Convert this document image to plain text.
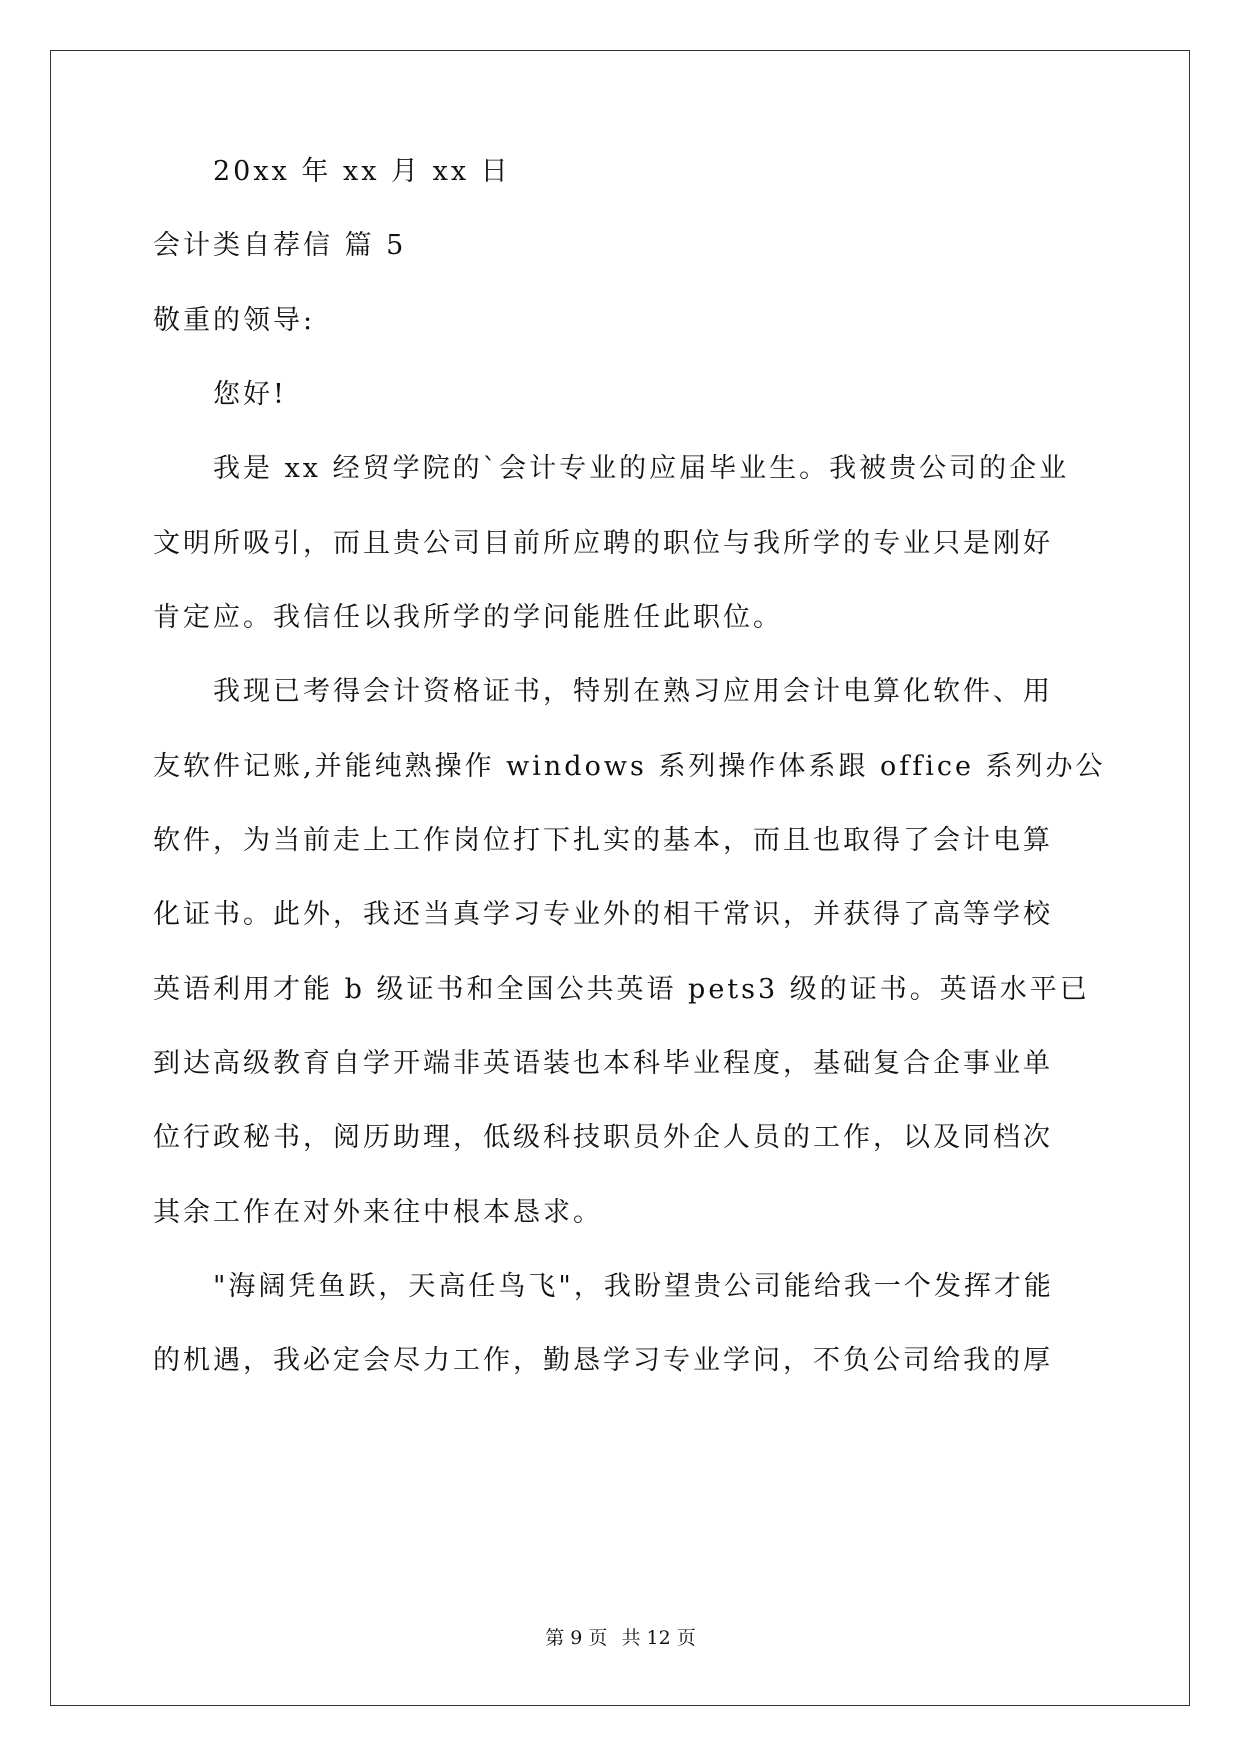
20xx 年 xx 月 xx 日
会计类自荐信 篇 5
敬重的领导:
您好!
我是 xx 经贸学院的`会计专业的应届毕业生。我被贵公司的企业
文明所吸引，而且贵公司目前所应聘的职位与我所学的专业只是刚好
肯定应。我信任以我所学的学问能胜任此职位。
我现已考得会计资格证书，特别在熟习应用会计电算化软件、用
友软件记账,并能纯熟操作 windows 系列操作体系跟 office 系列办公
软件，为当前走上工作岗位打下扎实的基本，而且也取得了会计电算
化证书。此外，我还当真学习专业外的相干常识，并获得了高等学校
英语利用才能 b 级证书和全国公共英语 pets3 级的证书。英语水平已
到达高级教育自学开端非英语装也本科毕业程度，基础复合企事业单
位行政秘书，阅历助理，低级科技职员外企人员的工作，以及同档次
其余工作在对外来往中根本恳求。
"海阔凭鱼跃，天高任鸟飞"，我盼望贵公司能给我一个发挥才能
的机遇，我必定会尽力工作，勤恳学习专业学问，不负公司给我的厚
第 9 页 共 12 页
